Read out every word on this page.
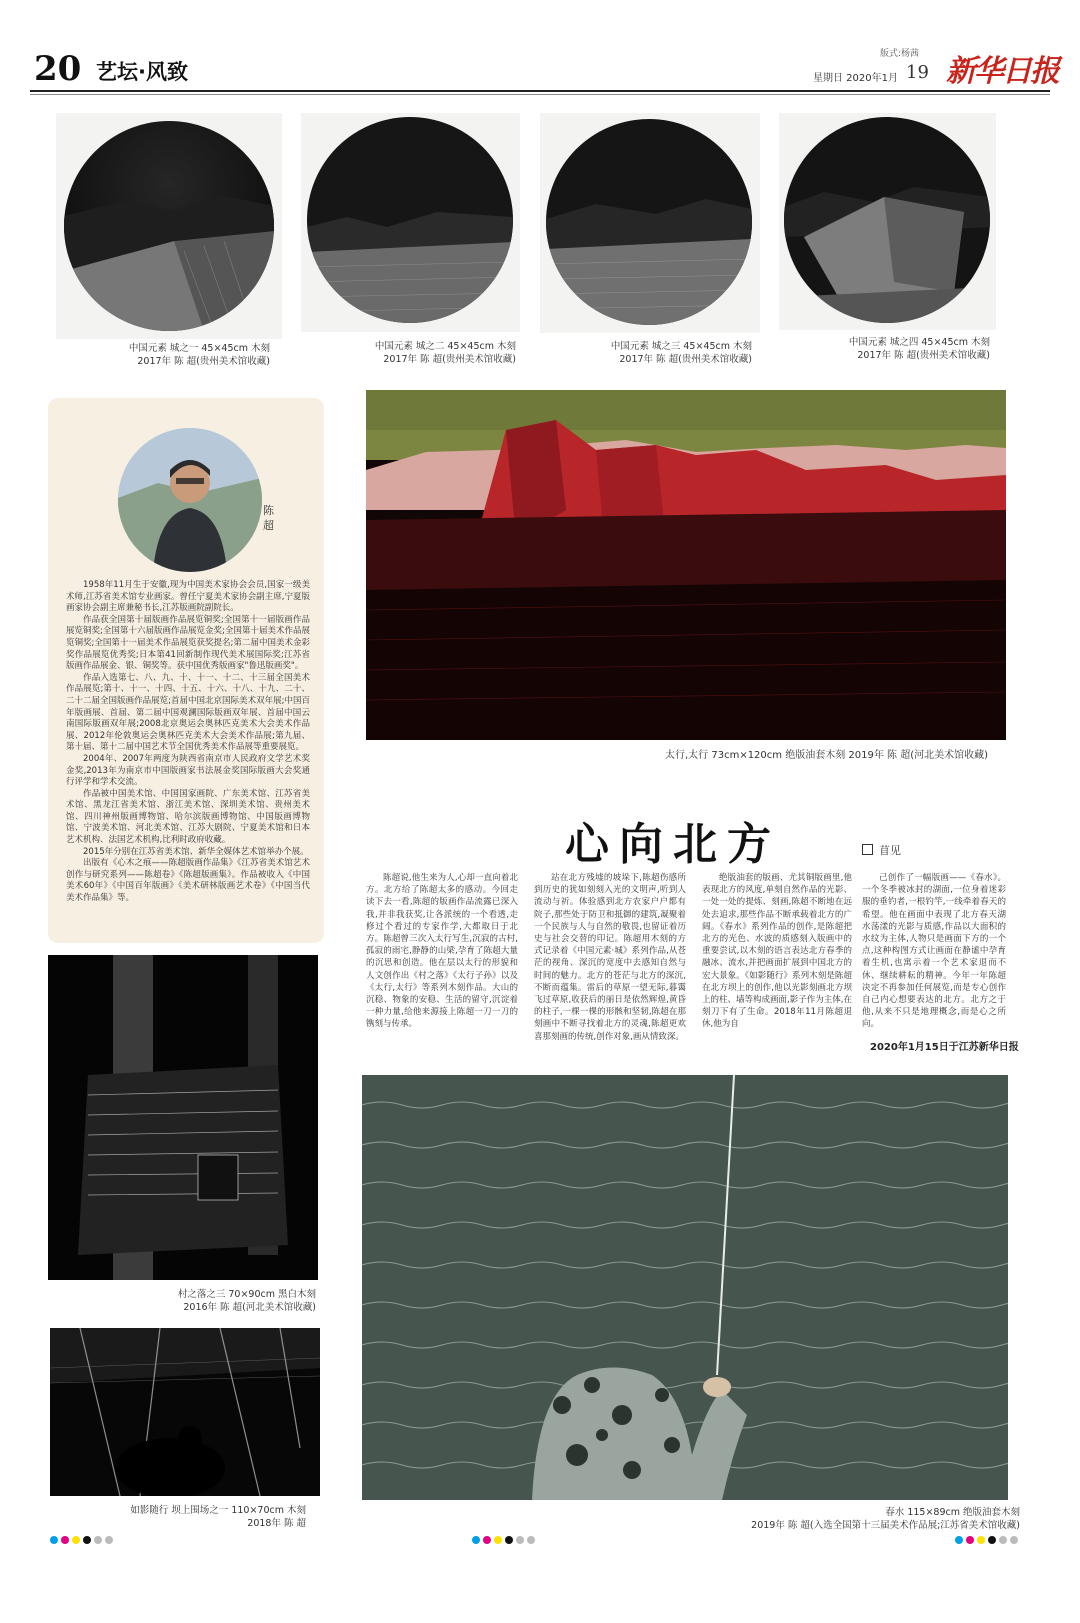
20 艺坛·风致
版式:杨茜
星期日 2020年1月 19 新华日报
中国元素 城之一 45×45cm 木刻
2017年 陈 超(贵州美术馆收藏)
中国元素 城之二 45×45cm 木刻
2017年 陈 超(贵州美术馆收藏)
中国元素 城之三 45×45cm 木刻
2017年 陈 超(贵州美术馆收藏)
中国元素 城之四 45×45cm 木刻
2017年 陈 超(贵州美术馆收藏)
陈超

1958年11月生于安徽,现为中国美术家协会会员,国家一级美术师,江苏省美术馆专业画家。曾任宁夏美术家协会副主席,宁夏版画家协会副主席兼秘书长,江苏版画院副院长。

作品获全国第十届版画作品展览铜奖;全国第十一届版画作品展览铜奖;全国第十六届版画作品展览金奖;全国第十届美术作品展览铜奖;全国第十一届美术作品展览获奖提名;第二届中国美术金彩奖作品展览优秀奖;日本第41回新制作现代美术展国际奖;江苏省版画作品展金、银、铜奖等。获中国优秀版画家"鲁迅版画奖"。

作品入选第七、八、九、十、十一、十二、十三届全国美术作品展览;第十、十一、十四、十五、十六、十八、十九、二十、二十二届全国版画作品展览;首届中国北京国际美术双年展;中国百年版画展、首届、第二届中国观澜国际版画双年展、首届中国云南国际版画双年展;2008北京奥运会奥林匹克美术大会美术作品展、2012年伦敦奥运会奥林匹克美术大会美术作品展;第九届、第十届、第十二届中国艺术节全国优秀美术作品展等重要展览。

2004年、2007年两度为陕西省南京市人民政府文学艺术奖金奖,2013年为南京市中国版画家书法展金奖国际版画大会奖通行评学和学术交流。

作品被中国美术馆、中国国家画院、广东美术馆、江苏省美术馆、黑龙江省美术馆、浙江美术馆、深圳美术馆、贵州美术馆、四川神州版画博物馆、哈尔滨版画博物馆、中国版画博物馆、宁波美术馆、河北美术馆、江苏大剧院、宁夏美术馆和日本艺术机构、法国艺术机构,比利时政府收藏。

2015年分别在江苏省美术馆、新华全媒体艺术馆举办个展。

出版有《心木之痕——陈超版画作品集》《江苏省美术馆艺术创作与研究系列——陈超卷》《陈超版画集》。作品被收入《中国美术60年》《中国百年版画》《美术研林版画艺术卷》《中国当代美术作品集》等。

太行,太行 73cm×120cm 绝版油套木刻 2019年 陈 超(河北美术馆收藏)
心向北方	苜见

陈超说,他生来为人,心却一直向着北方。北方给了陈超太多的感动。今回走读下去一看,陈超的版画作品流露已深入我,并非我获奖,让各派统的一个看透,走修过个看过的专家作学,大都取日于北方。陈超曾三次入太行写生,沉寂的古村,孤寂的雨宅,静静的山梁,孕育了陈超大量的沉思和创造。他在层以太行的形貌和人文创作出《村之落》《太行子孙》以及《太行,太行》等系列木刻作品。大山的沉稳、物象的安稳、生活的留守,沉淀着一种力量,给他来源接上陈超一刀一刀的镌刻与传承。

站在北方残墟的坡垛下,陈超伤感所到历史的犹如刻刻入光的文明声,听到人流动与祈。体验感到北方农家户户都有院子,那些处于防卫和抵御的建筑,凝聚着一个民族与人与自然的敬畏,也留证着历史与社会交替的印记。陈超用木刻的方式记录着《中国元素·城》系列作品,从苍茫的视角、深沉的宽度中去感知自然与时间的魅力。北方的苍茫与北方的深沉,不断而蕴集。雷后的草原一望无际,暮霭飞过草原,收获后的丽日是依然辉煌,黄昏的柱子,一棵一棵的形骸和坚韧,陈超在那刻画中不断寻找着北方的灵魂,陈超更欢喜那刻画的传统,创作对象,画从情致深。

绝版油套的版画、尤其铜版画里,他表现北方的风度,单刻自然作品的光影、一处一处的提炼、刻画,陈超不断地在远处去追求,那些作品不断承载着北方的广阔。《春水》系列作品的创作,是陈超把北方的光色、水波的质感刻入版画中的重要尝试,以木刻的语言表达北方春季的融冰、流水,并把画面扩展到中国北方的宏大景象。《如影随行》系列木刻是陈超在北方坝上的创作,他以光影刻画北方坝上的柱、墙等构成画面,影子作为主体,在刻刀下有了生命。2018年11月陈超退休,他为自

己创作了一幅版画——《春水》。一个冬季被冰封的湖面,一位身着迷彩服的垂钓者,一根钓竿,一线牵着春天的希望。他在画面中表现了北方春天湖水荡漾的光影与质感,作品以大面积的水纹为主体,人物只是画面下方的一个点,这种构图方式让画面在静谧中孕育着生机,也寓示着一个艺术家退而不休、继续耕耘的精神。今年一年陈超决定不再参加任何展览,而是专心创作自己内心想要表达的北方。北方之于他,从来不只是地理概念,而是心之所向。

2020年1月15日于江苏新华日报
村之落之三 70×90cm 黑白木刻
2016年 陈 超(河北美术馆收藏)
如影随行 坝上围场之一 110×70cm 木刻
2018年 陈 超
春水 115×89cm 绝版油套木刻
2019年 陈 超(入选全国第十三届美术作品展;江苏省美术馆收藏)
